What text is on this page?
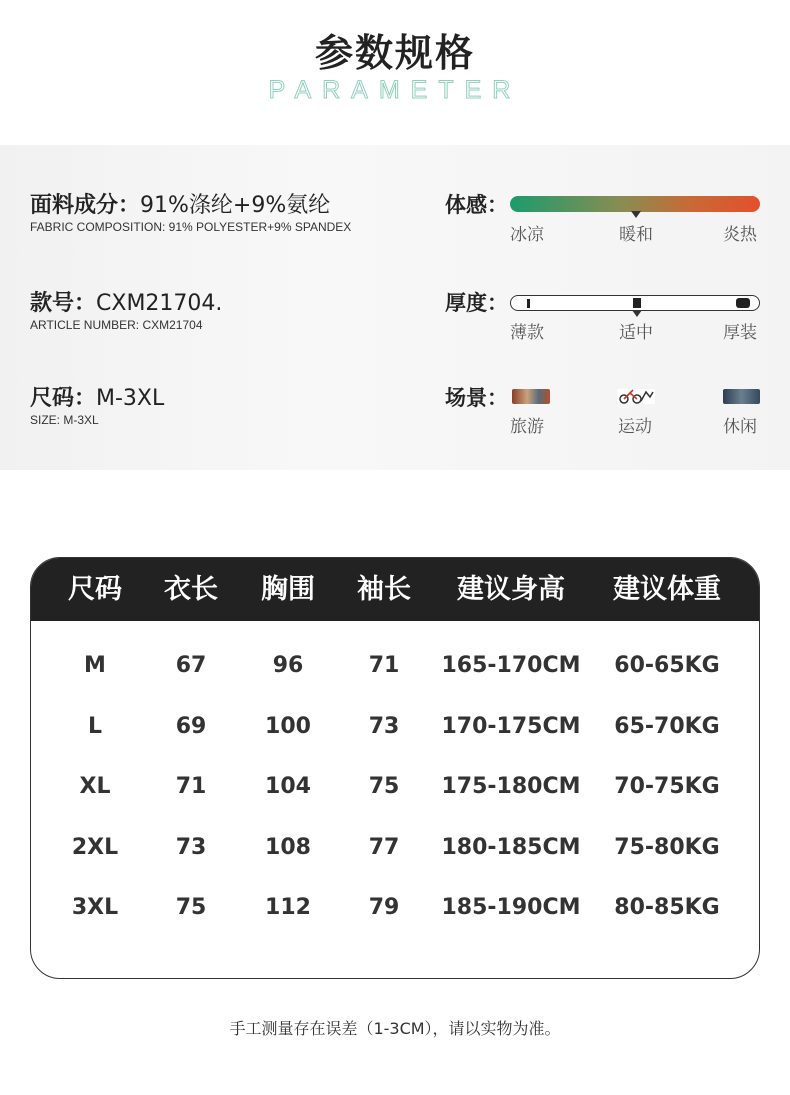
参数规格
PARAMETER
面料成分：91%涤纶+9%氨纶
FABRIC COMPOSITION: 91% POLYESTER+9% SPANDEX
款号：CXM21704.
ARTICLE NUMBER: CXM21704
尺码：M-3XL
SIZE: M-3XL
体感：
冰凉	暖和	炎热
厚度：
薄款	适中	厚装
场景：
旅游	运动	休闲
尺码	衣长	胸围	袖长	建议身高	建议体重
M	67	96	71	165-170CM	60-65KG
L	69	100	73	170-175CM	65-70KG
XL	71	104	75	175-180CM	70-75KG
2XL	73	108	77	180-185CM	75-80KG
3XL	75	112	79	185-190CM	80-85KG
手工测量存在误差（1-3CM），请以实物为准。
